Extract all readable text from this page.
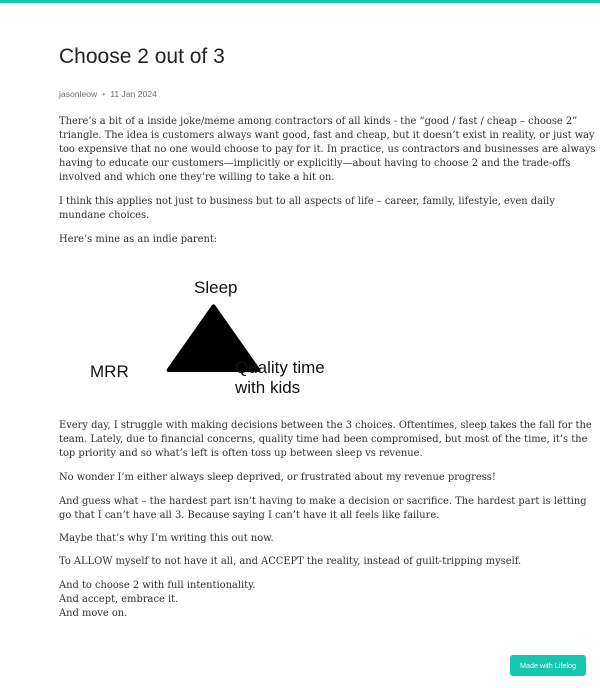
Choose 2 out of 3
jasonleow • 11 Jan 2024

There’s a bit of a inside joke/meme among contractors of all kinds - the “good / fast / cheap – choose 2”
triangle. The idea is customers always want good, fast and cheap, but it doesn’t exist in reality, or just way
too expensive that no one would choose to pay for it. In practice, us contractors and businesses are always
having to educate our customers—implicitly or explicitly—about having to choose 2 and the trade-offs
involved and which one they’re willing to take a hit on.

I think this applies not just to business but to all aspects of life – career, family, lifestyle, even daily
mundane choices.

Here’s mine as an indie parent:

Sleep
MRR	Quality time
with kids

Every day, I struggle with making decisions between the 3 choices. Oftentimes, sleep takes the fall for the
team. Lately, due to financial concerns, quality time had been compromised, but most of the time, it’s the
top priority and so what’s left is often toss up between sleep vs revenue.

No wonder I’m either always sleep deprived, or frustrated about my revenue progress!

And guess what – the hardest part isn’t having to make a decision or sacrifice. The hardest part is letting
go that I can’t have all 3. Because saying I can’t have it all feels like failure.

Maybe that’s why I’m writing this out now.

To ALLOW myself to not have it all, and ACCEPT the reality, instead of guilt-tripping myself.

And to choose 2 with full intentionality.
And accept, embrace it.
And move on.

Made with Lifelog
